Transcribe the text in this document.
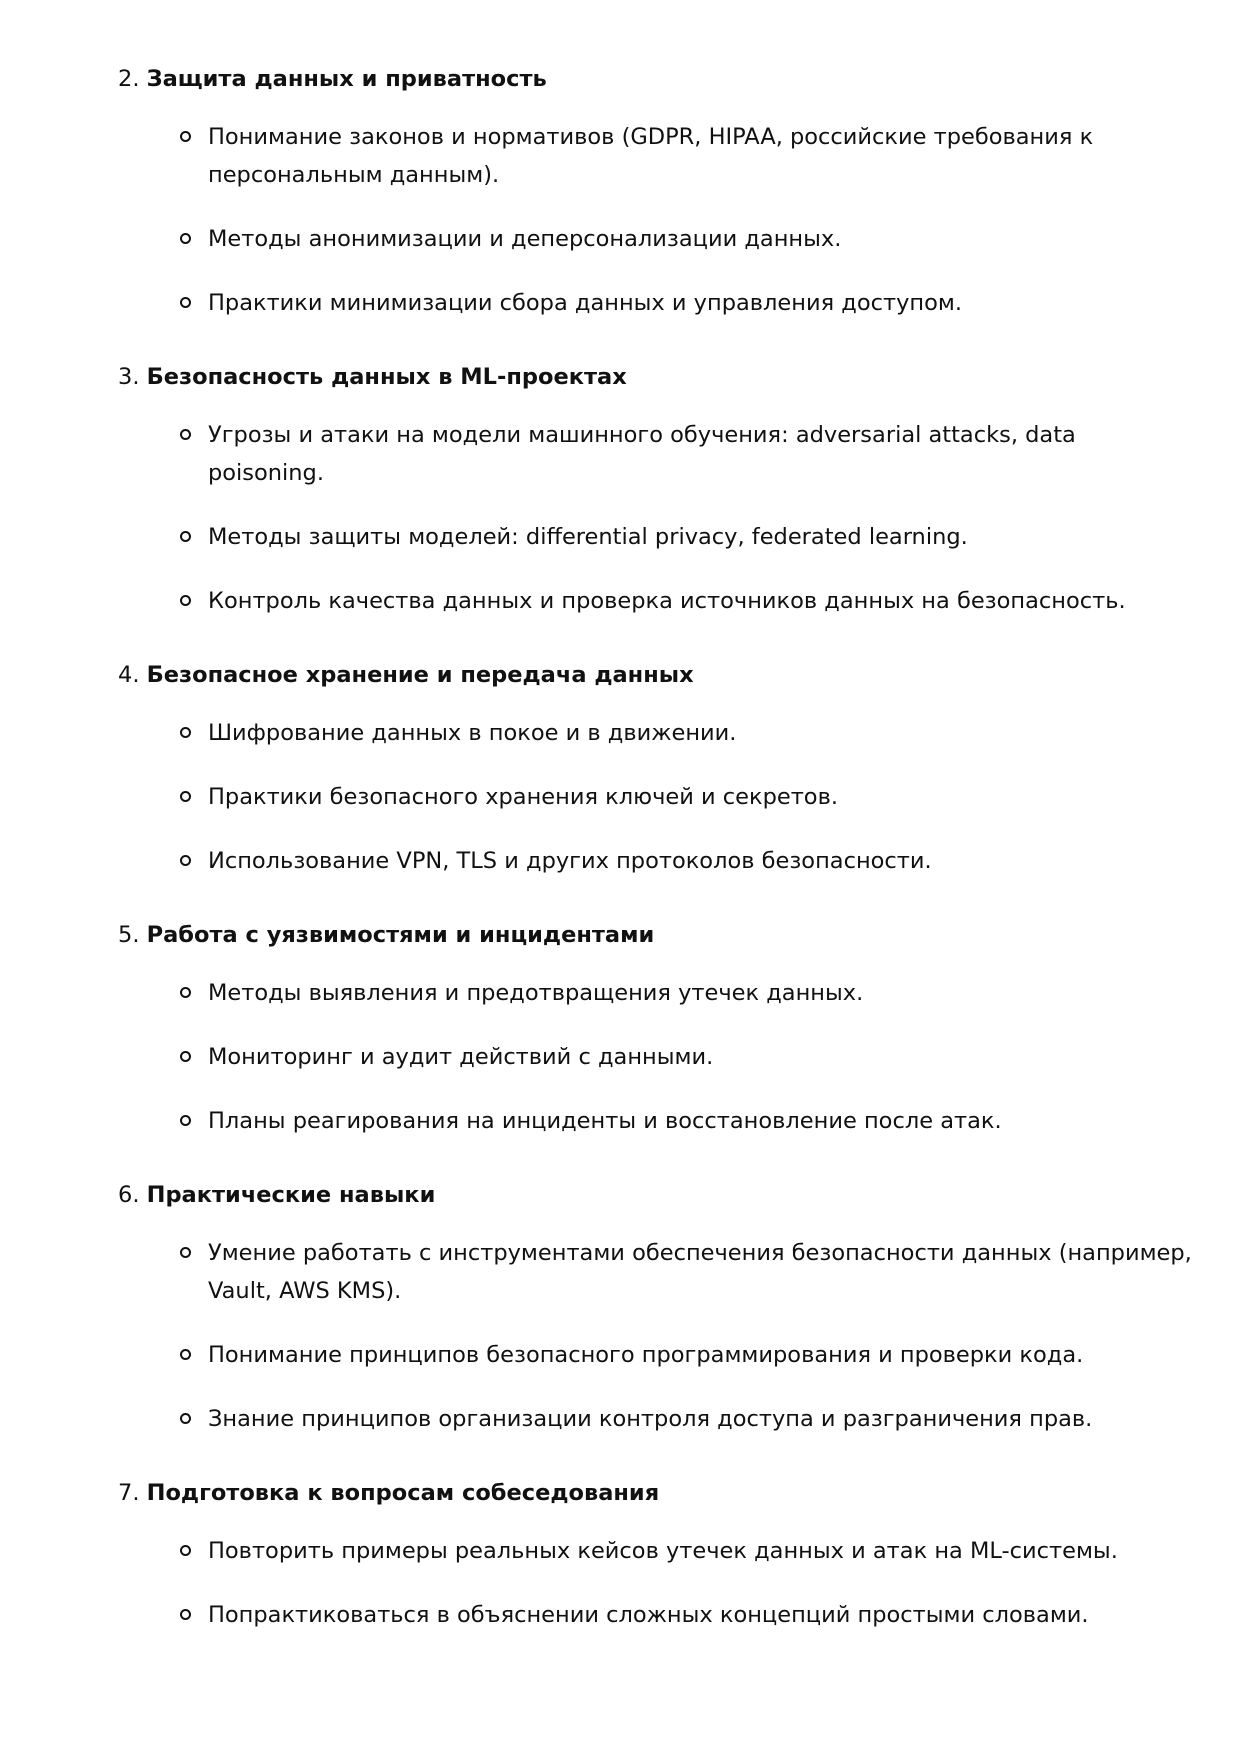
2. Защита данных и приватность
Понимание законов и нормативов (GDPR, HIPAA, российские требования к персональным данным).
Методы анонимизации и деперсонализации данных.
Практики минимизации сбора данных и управления доступом.
3. Безопасность данных в ML-проектах
Угрозы и атаки на модели машинного обучения: adversarial attacks, data poisoning.
Методы защиты моделей: differential privacy, federated learning.
Контроль качества данных и проверка источников данных на безопасность.
4. Безопасное хранение и передача данных
Шифрование данных в покое и в движении.
Практики безопасного хранения ключей и секретов.
Использование VPN, TLS и других протоколов безопасности.
5. Работа с уязвимостями и инцидентами
Методы выявления и предотвращения утечек данных.
Мониторинг и аудит действий с данными.
Планы реагирования на инциденты и восстановление после атак.
6. Практические навыки
Умение работать с инструментами обеспечения безопасности данных (например, Vault, AWS KMS).
Понимание принципов безопасного программирования и проверки кода.
Знание принципов организации контроля доступа и разграничения прав.
7. Подготовка к вопросам собеседования
Повторить примеры реальных кейсов утечек данных и атак на ML-системы.
Попрактиковаться в объяснении сложных концепций простыми словами.
